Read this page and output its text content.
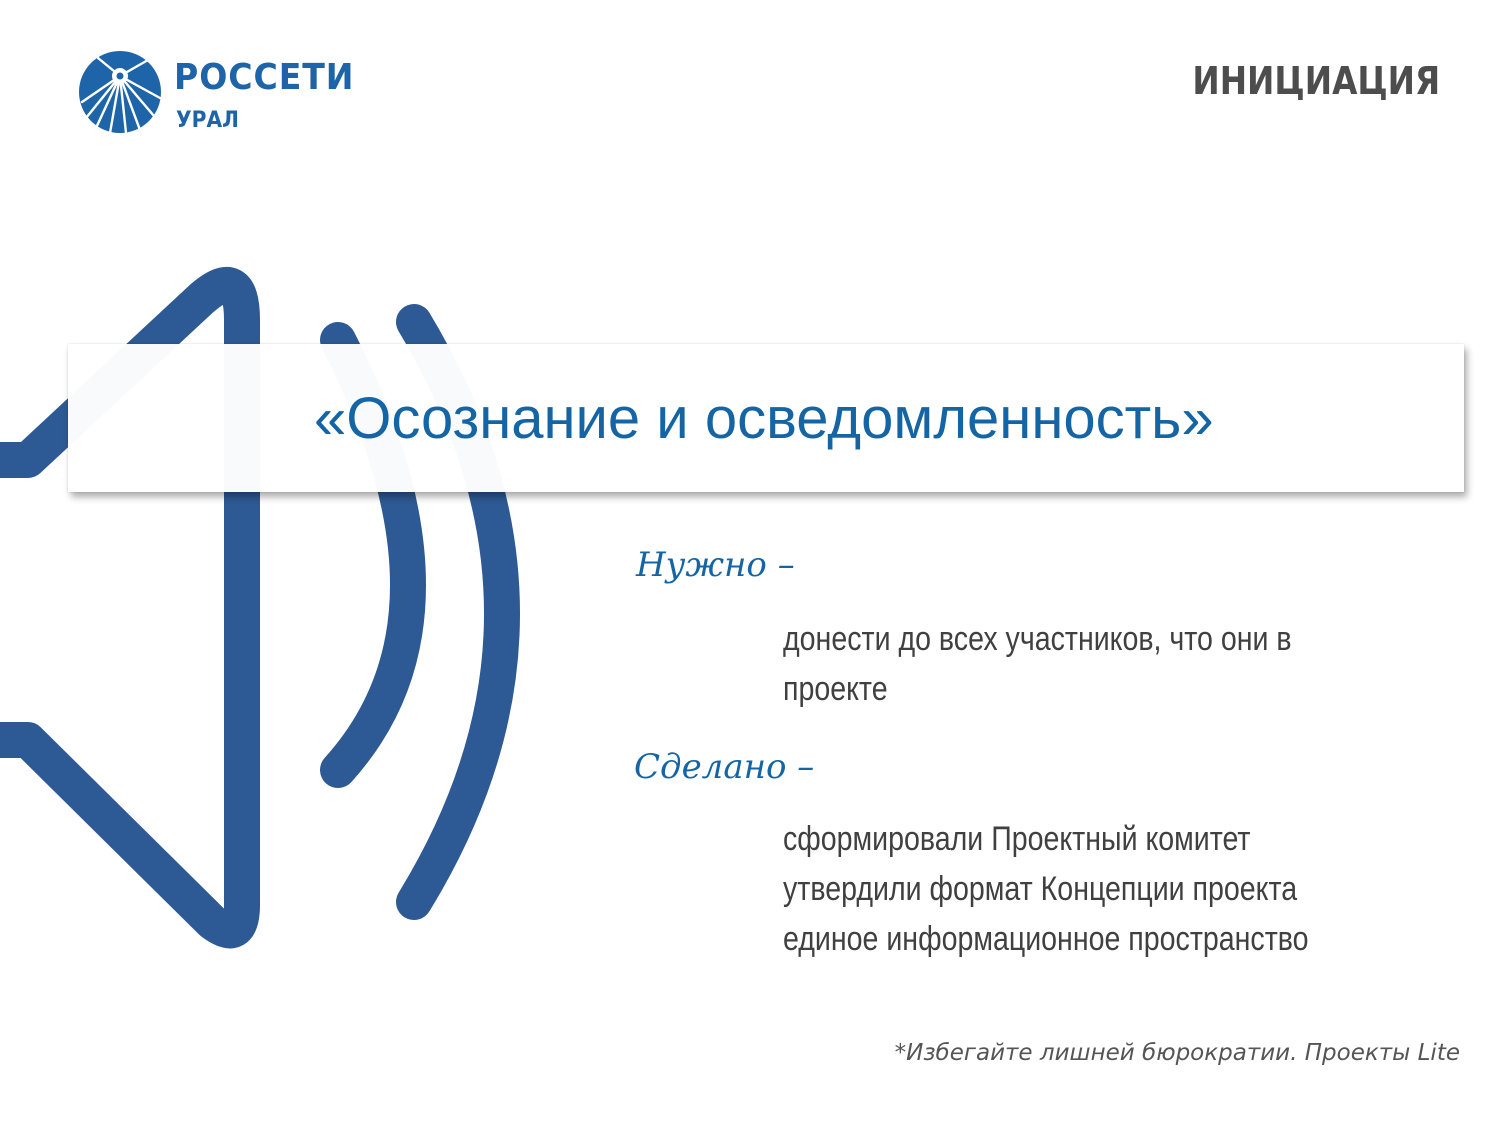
РОССЕТИ
УРАЛ
ИНИЦИАЦИЯ
«Осознание и осведомленность»
Нужно –
донести до всех участников, что они в
проекте
Сделано –
сформировали Проектный комитет
утвердили формат Концепции проекта
единое информационное пространство
*Избегайте лишней бюрократии. Проекты Lite
